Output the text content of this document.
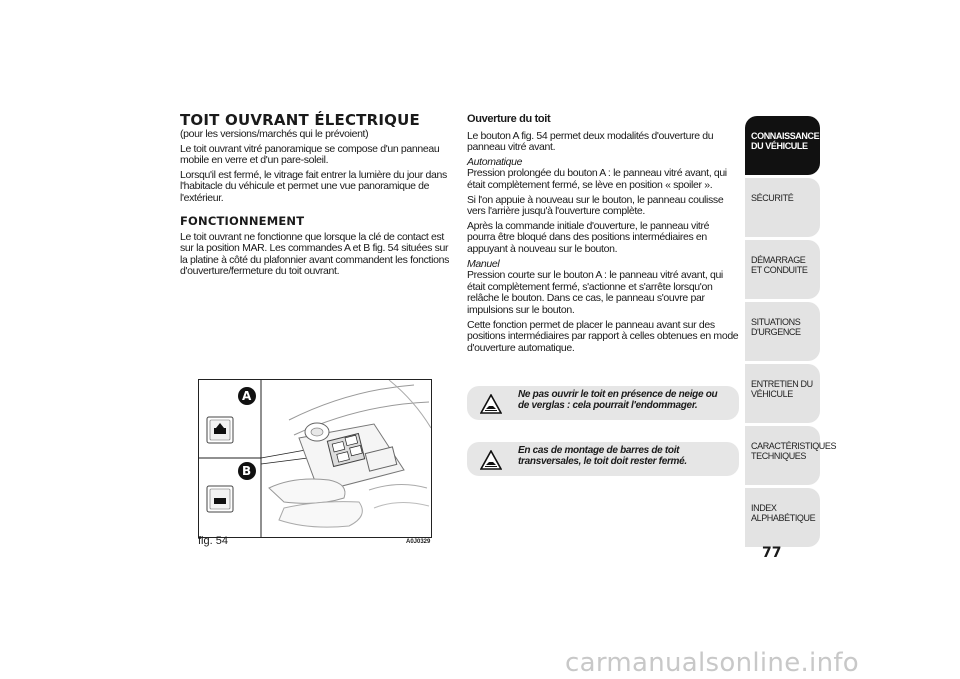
TOIT OUVRANT ÉLECTRIQUE

(pour les versions/marchés qui le prévoient)

Le toit ouvrant vitré panoramique se compose d'un panneau mobile en verre et d'un pare-soleil.

Lorsqu'il est fermé, le vitrage fait entrer la lumière du jour dans l'habitacle du véhicule et permet une vue panoramique de l'extérieur.

FONCTIONNEMENT

Le toit ouvrant ne fonctionne que lorsque la clé de contact est sur la position MAR. Les commandes A et B fig. 54 situées sur la platine à côté du plafonnier avant commandent les fonctions d'ouverture/fermeture du toit ouvrant.

Ouverture du toit

Le bouton A fig. 54 permet deux modalités d'ouverture du panneau vitré avant.

Automatique

Pression prolongée du bouton A : le panneau vitré avant, qui était complètement fermé, se lève en position « spoiler ».

Si l'on appuie à nouveau sur le bouton, le panneau coulisse vers l'arrière jusqu'à l'ouverture complète.

Après la commande initiale d'ouverture, le panneau vitré pourra être bloqué dans des positions intermédiaires en appuyant à nouveau sur le bouton.

Manuel

Pression courte sur le bouton A : le panneau vitré avant, qui était complètement fermé, s'actionne et s'arrête lorsqu'on relâche le bouton. Dans ce cas, le panneau s'ouvre par impulsions sur le bouton.

Cette fonction permet de placer le panneau avant sur des positions intermédiaires par rapport à celles obtenues en mode d'ouverture automatique.

Ne pas ouvrir le toit en présence de neige ou de verglas : cela pourrait l'endommager.
En cas de montage de barres de toit transversales, le toit doit rester fermé.
A
B
fig. 54	A0J0329
CONNAISSANCE DU VÉHICULE
SÉCURITÉ
DÉMARRAGE ET CONDUITE
SITUATIONS D'URGENCE
ENTRETIEN DU VÉHICULE
CARACTÉRISTIQUES TECHNIQUES
INDEX ALPHABÉTIQUE
77
carmanualsonline.info
